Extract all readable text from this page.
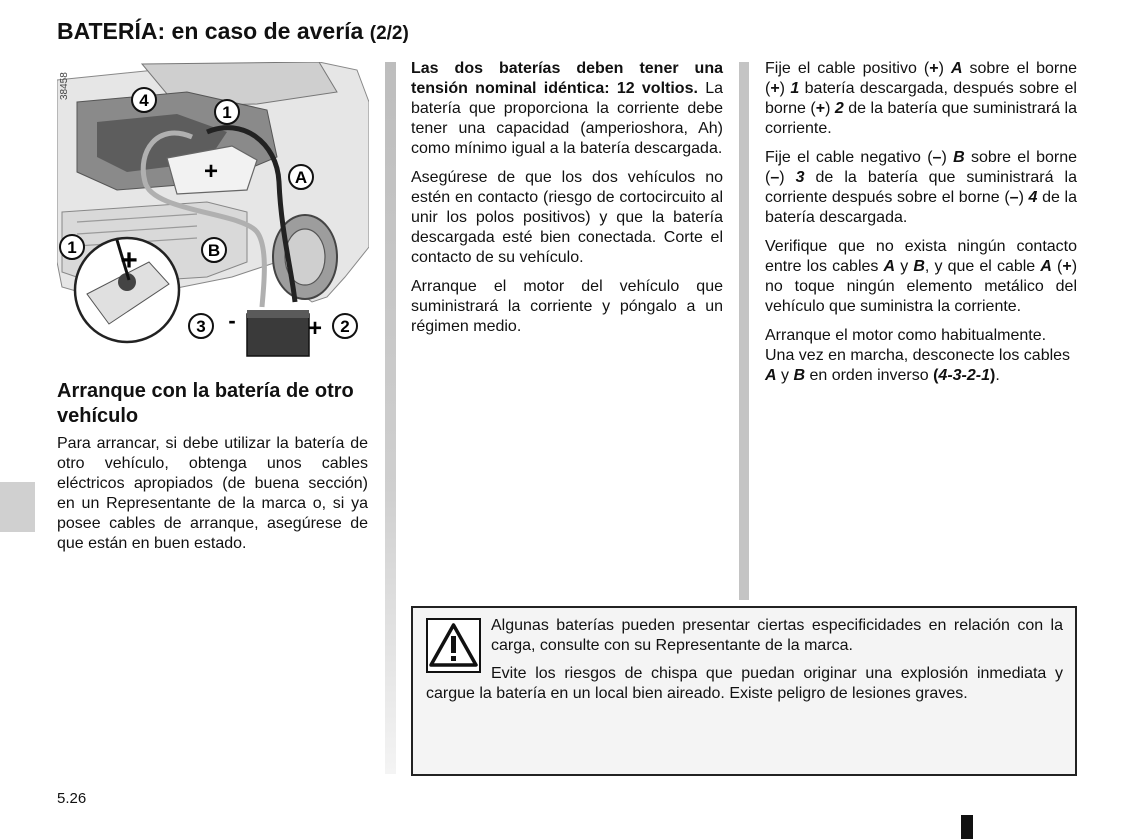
BATERÍA: en caso de avería (2/2)
+
+
-	+
4
1
A
1	B
3	2
38458
Arranque con la batería de otro vehículo

Para arrancar, si debe utilizar la batería de otro vehículo, obtenga unos cables eléctricos apropiados (de buena sección) en un Representante de la marca o, si ya posee cables de arranque, asegúrese de que están en buen estado.

Las dos baterías deben tener una tensión nominal idéntica: 12 voltios. La batería que proporciona la corriente debe tener una capacidad (amperioshora, Ah) como mínimo igual a la batería descargada.

Asegúrese de que los dos vehículos no estén en contacto (riesgo de cortocircuito al unir los polos positivos) y que la batería descargada esté bien conectada. Corte el contacto de su vehículo.

Arranque el motor del vehículo que suministrará la corriente y póngalo a un régimen medio.

Fije el cable positivo (+) A sobre el borne (+) 1 batería descargada, después sobre el borne (+) 2 de la batería que suministrará la corriente.

Fije el cable negativo (–) B sobre el borne (–) 3 de la batería que suministrará la corriente después sobre el borne (–) 4 de la batería descargada.

Verifique que no exista ningún contacto entre los cables A y B, y que el cable A (+) no toque ningún elemento metálico del vehículo que suministra la corriente.

Arranque el motor como habitualmente. Una vez en marcha, desconecte los cables A y B en orden inverso (4-3-2-1).

Algunas baterías pueden presentar ciertas especificidades en relación con la carga, consulte con su Representante de la marca.

Evite los riesgos de chispa que puedan originar una explosión inmediata y cargue la batería en un local bien aireado. Existe peligro de lesiones graves.

5.26
